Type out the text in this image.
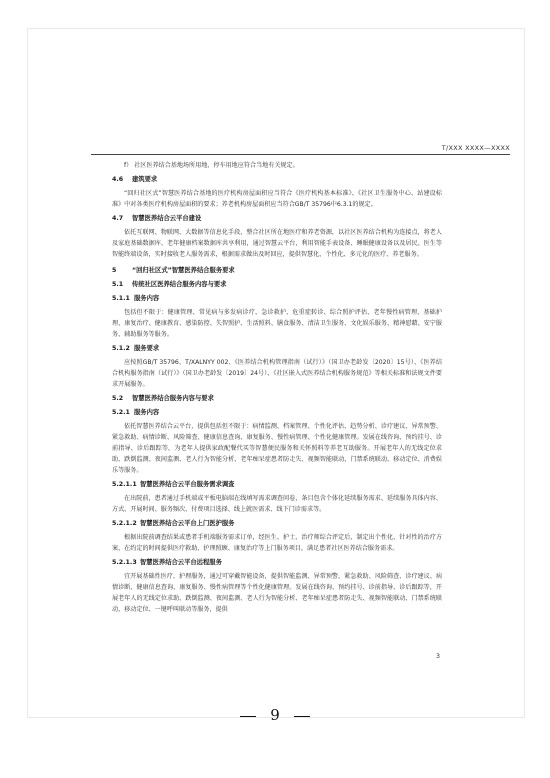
T/XXX XXXX—XXXX

f） 社区医养结合基地场所用地、停车用地应符合当地有关规定。

4.6 建筑要求

“回归社区式”智慧医养结合基地的医疗机构房屋面积应当符合《医疗机构基本标准》、《社区卫生服务中心、站建设标准》中对各类医疗机构房屋面积的要求；养老机构房屋面积应当符合GB/T 35796中6.3.1的规定。

4.7 智慧医养结合云平台建设

依托互联网、物联网、大数据等信息化手段，整合社区所在地医疗和养老资源，以社区医养结合机构为连接点，将老人及家庭基础数据库、老年健康档案数据库共享利用，通过智慧云平台，利用智能手表设备、睡眠健康设备以及居民、医生等智能终端设备，实时接收老人服务需求，根据需求做出及时回应，提供智慧化、个性化、多元化的医疗、养老服务。

5 “回归社区式”智慧医养结合服务要求

5.1 传统社区医养结合服务内容与要求

5.1.1 服务内容

包括但不限于：健康管理、常见病与多发病诊疗、急诊救护、危重症转诊、综合照护评估、老年慢性病管理、基础护理、康复治疗、健康教育、感染防控、失智照护、生活照料、膳食服务、清洁卫生服务、文化娱乐服务、精神慰藉、安宁服务、辅助服务等服务。

5.1.2 服务要求

应按照GB/T 35796、T/XALNYY 002、《医养结合机构管理指南（试行）》（国卫办老龄发〔2020〕15号）、《医养结合机构服务指南（试行）》（国卫办老龄发〔2019〕24号）、《社区嵌入式医养结合机构服务规范》等相关标准和法规文件要求开展服务。

5.2 智慧医养结合服务内容与要求

5.2.1 服务内容

依托智慧医养结合云平台，提供包括但不限于：病情监测、档案管理、个性化评估、趋势分析、诊疗建议、异常预警、紧急救助、病情诊断、风险筛查、健康信息查询、康复服务、慢性病管理、个性化健康管理。发展在线咨询、预约挂号、诊前指导、诊后跟踪等，为老年人提供家政配餐代买等智慧便民服务和关怀照料等养老互助服务。开展老年人的无线定位求助、跌倒监测、夜间监测、老人行为智能分析、老年痴呆症患者防走失、视频智能联动、门禁系统联动、移动定位、消费娱乐等服务。

5.2.1.1 智慧医养结合云平台服务需求调查

在出院前，患者通过手机端或平板电脑端在线填写需求调查问卷，条目包含个体化延续服务需求、延续服务具体内容、方式、开展时间、服务频次、付费项目选择、线上就医需求、线下门诊需求等。

5.2.1.2 智慧医养结合云平台上门医护服务

根据出院前调查结果或患者手机端服务需求订单，经医生、护士、治疗师综合评定后，制定出个性化、针对性的治疗方案，在约定的时间提供医疗救助、护理照顾、康复治疗等上门服务项目，满足患者社区医养结合服务需求。

5.2.1.3 智慧医养结合云平台远程服务

宜开展基础性医疗、护理服务，通过可穿戴智能设备，提供智能监测、异常预警、紧急救助、风险筛查、诊疗建议、病情诊断、健康信息查询、康复服务、慢性病管理等个性化健康管理。发展在线咨询、预约挂号、诊前指导、诊后跟踪等，开展老年人的无线定位求助、跌倒监测、夜间监测、老人行为智能分析、老年痴呆症患者防走失、视频智能联动、门禁系统联动、移动定位、一键呼叫联动等服务，提供

3
9
